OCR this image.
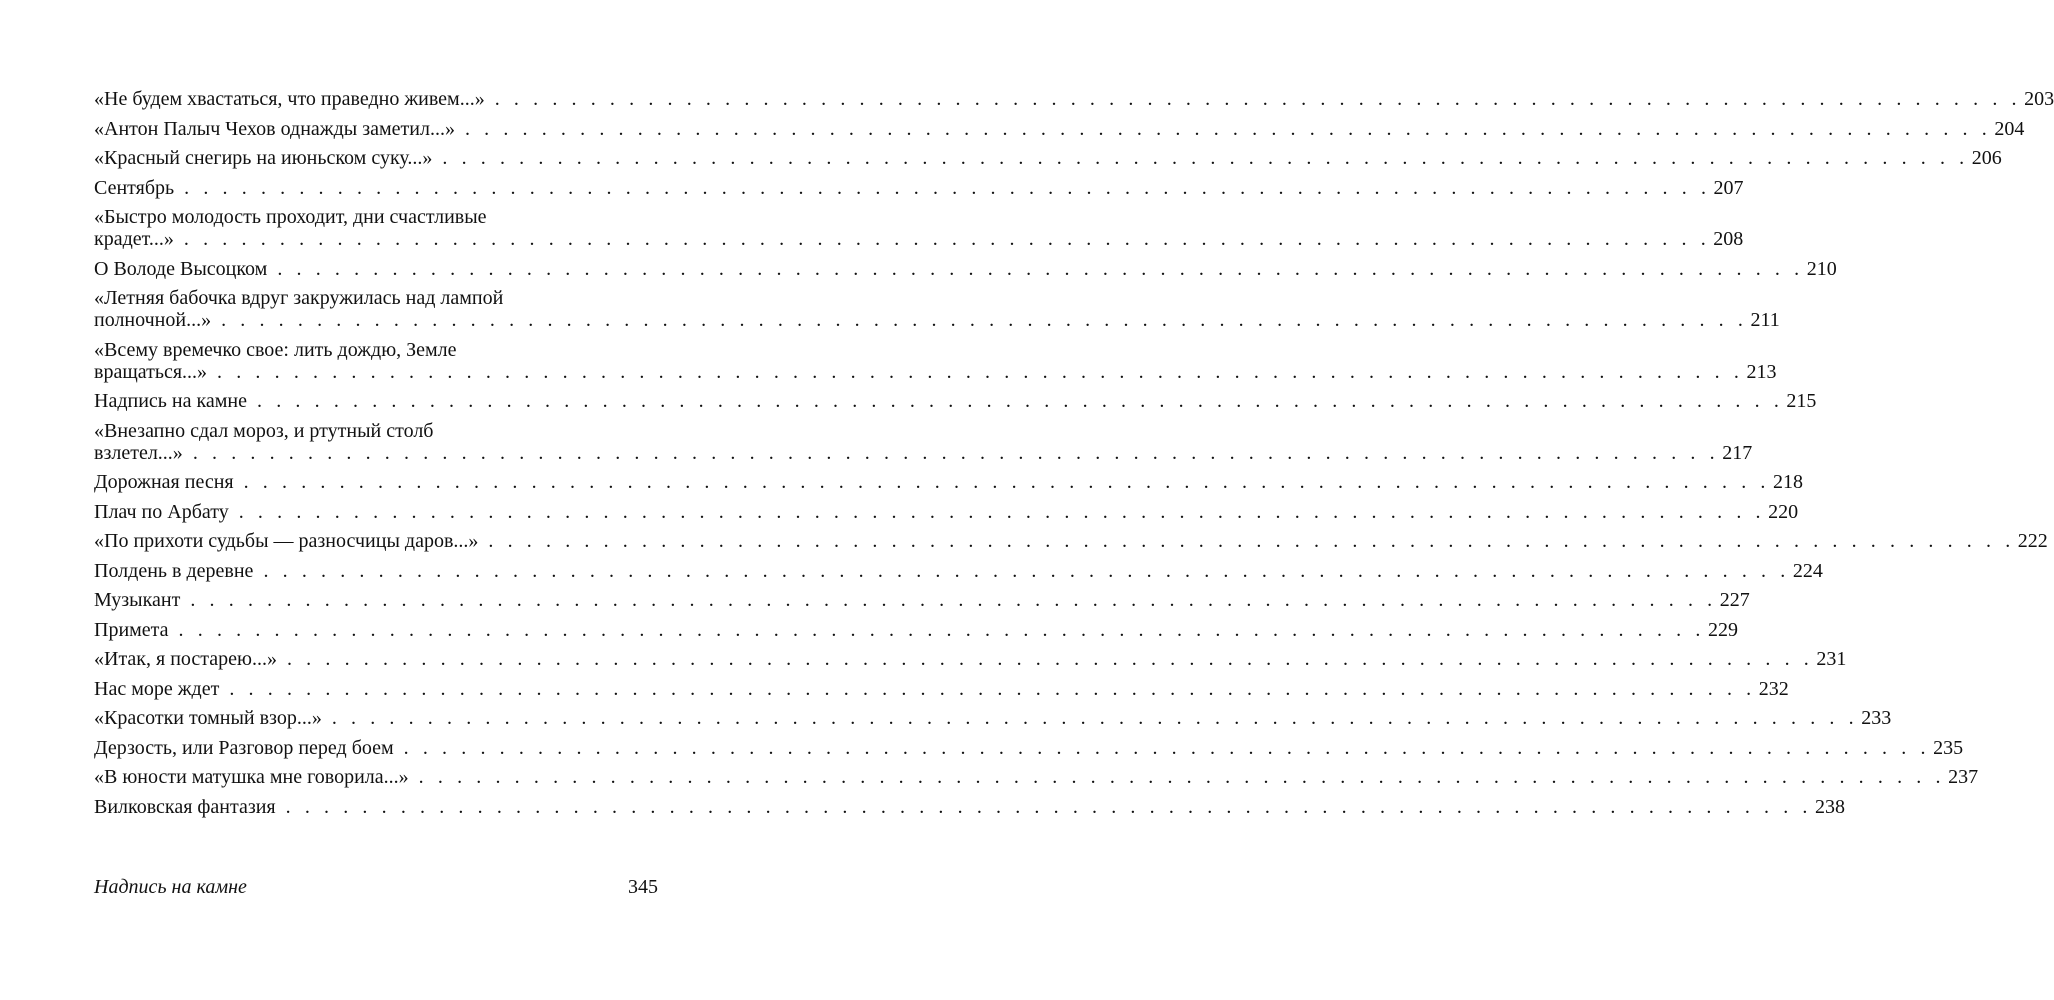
«Не будем хвастаться, что праведно живем...» . . . . . . . . . . . . . . . . . . . . . . . . . . . . . . . . . . . . . . . . . . . . . . . . . . . . . . . . . . . . . . . . . . . . . . . . . . . . . . . . 203
«Антон Палыч Чехов однажды заметил...» . . . . . . . . . . . . . . . . . . . . . . . . . . . . . . . . . . . . . . . . . . . . . . . . . . . . . . . . . . . . . . . . . . . . . . . . . . . . . . . . 204
«Красный снегирь на июньском суку...» . . . . . . . . . . . . . . . . . . . . . . . . . . . . . . . . . . . . . . . . . . . . . . . . . . . . . . . . . . . . . . . . . . . . . . . . . . . . . . . . 206
Сентябрь . . . . . . . . . . . . . . . . . . . . . . . . . . . . . . . . . . . . . . . . . . . . . . . . . . . . . . . . . . . . . . . . . . . . . . . . . . . . . . . . 207
«Быстро молодость проходит, дни счастливые
крадет...» . . . . . . . . . . . . . . . . . . . . . . . . . . . . . . . . . . . . . . . . . . . . . . . . . . . . . . . . . . . . . . . . . . . . . . . . . . . . . . . . 208
О Володе Высоцком . . . . . . . . . . . . . . . . . . . . . . . . . . . . . . . . . . . . . . . . . . . . . . . . . . . . . . . . . . . . . . . . . . . . . . . . . . . . . . . . 210
«Летняя бабочка вдруг закружилась над лампой
полночной...» . . . . . . . . . . . . . . . . . . . . . . . . . . . . . . . . . . . . . . . . . . . . . . . . . . . . . . . . . . . . . . . . . . . . . . . . . . . . . . . . 211
«Всему времечко свое: лить дождю, Земле
вращаться...» . . . . . . . . . . . . . . . . . . . . . . . . . . . . . . . . . . . . . . . . . . . . . . . . . . . . . . . . . . . . . . . . . . . . . . . . . . . . . . . . 213
Надпись на камне . . . . . . . . . . . . . . . . . . . . . . . . . . . . . . . . . . . . . . . . . . . . . . . . . . . . . . . . . . . . . . . . . . . . . . . . . . . . . . . . 215
«Внезапно сдал мороз, и ртутный столб
взлетел...» . . . . . . . . . . . . . . . . . . . . . . . . . . . . . . . . . . . . . . . . . . . . . . . . . . . . . . . . . . . . . . . . . . . . . . . . . . . . . . . . 217
Дорожная песня . . . . . . . . . . . . . . . . . . . . . . . . . . . . . . . . . . . . . . . . . . . . . . . . . . . . . . . . . . . . . . . . . . . . . . . . . . . . . . . . 218
Плач по Арбату . . . . . . . . . . . . . . . . . . . . . . . . . . . . . . . . . . . . . . . . . . . . . . . . . . . . . . . . . . . . . . . . . . . . . . . . . . . . . . . . 220
«По прихоти судьбы — разносчицы даров...» . . . . . . . . . . . . . . . . . . . . . . . . . . . . . . . . . . . . . . . . . . . . . . . . . . . . . . . . . . . . . . . . . . . . . . . . . . . . . . . . 222
Полдень в деревне . . . . . . . . . . . . . . . . . . . . . . . . . . . . . . . . . . . . . . . . . . . . . . . . . . . . . . . . . . . . . . . . . . . . . . . . . . . . . . . . 224
Музыкант . . . . . . . . . . . . . . . . . . . . . . . . . . . . . . . . . . . . . . . . . . . . . . . . . . . . . . . . . . . . . . . . . . . . . . . . . . . . . . . . 227
Примета . . . . . . . . . . . . . . . . . . . . . . . . . . . . . . . . . . . . . . . . . . . . . . . . . . . . . . . . . . . . . . . . . . . . . . . . . . . . . . . . 229
«Итак, я постарею...» . . . . . . . . . . . . . . . . . . . . . . . . . . . . . . . . . . . . . . . . . . . . . . . . . . . . . . . . . . . . . . . . . . . . . . . . . . . . . . . . 231
Нас море ждет . . . . . . . . . . . . . . . . . . . . . . . . . . . . . . . . . . . . . . . . . . . . . . . . . . . . . . . . . . . . . . . . . . . . . . . . . . . . . . . . 232
«Красотки томный взор...» . . . . . . . . . . . . . . . . . . . . . . . . . . . . . . . . . . . . . . . . . . . . . . . . . . . . . . . . . . . . . . . . . . . . . . . . . . . . . . . . 233
Дерзость, или Разговор перед боем . . . . . . . . . . . . . . . . . . . . . . . . . . . . . . . . . . . . . . . . . . . . . . . . . . . . . . . . . . . . . . . . . . . . . . . . . . . . . . . . 235
«В юности матушка мне говорила...» . . . . . . . . . . . . . . . . . . . . . . . . . . . . . . . . . . . . . . . . . . . . . . . . . . . . . . . . . . . . . . . . . . . . . . . . . . . . . . . . 237
Вилковская фантазия . . . . . . . . . . . . . . . . . . . . . . . . . . . . . . . . . . . . . . . . . . . . . . . . . . . . . . . . . . . . . . . . . . . . . . . . . . . . . . . . 238
Надпись на камне	345
